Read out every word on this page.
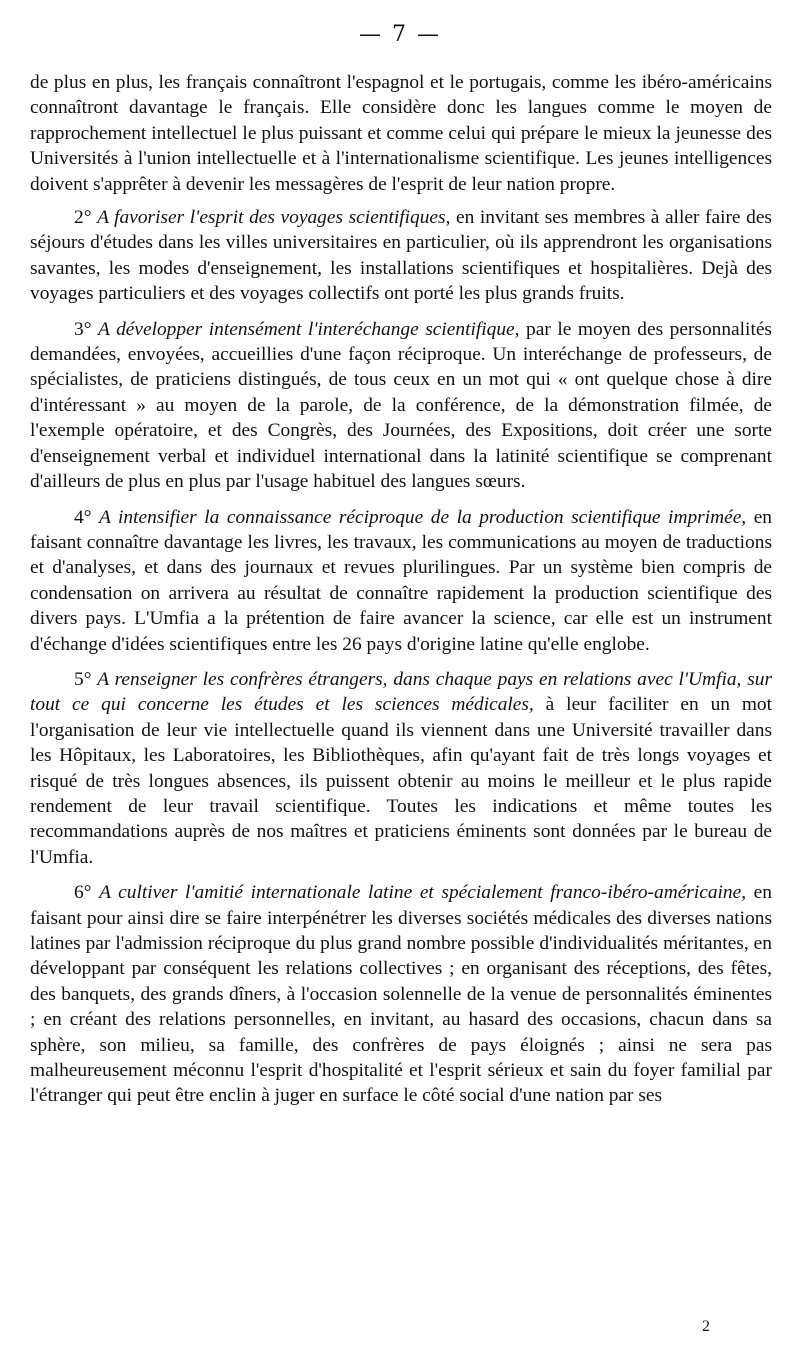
— 7 —

de plus en plus, les français connaîtront l'espagnol et le portugais, comme les ibéro-américains connaîtront davantage le français. Elle considère donc les langues comme le moyen de rapprochement intellectuel le plus puissant et comme celui qui prépare le mieux la jeunesse des Universités à l'union intellectuelle et à l'internationalisme scientifique. Les jeunes intelligences doivent s'apprêter à devenir les messagères de l'esprit de leur nation propre.

2° A favoriser l'esprit des voyages scientifiques, en invitant ses membres à aller faire des séjours d'études dans les villes universitaires en particulier, où ils apprendront les organisations savantes, les modes d'enseignement, les installations scientifiques et hospitalières. Dejà des voyages particuliers et des voyages collectifs ont porté les plus grands fruits.

3° A développer intensément l'interéchange scientifique, par le moyen des personnalités demandées, envoyées, accueillies d'une façon réciproque. Un interéchange de professeurs, de spécialistes, de praticiens distingués, de tous ceux en un mot qui « ont quelque chose à dire d'intéressant » au moyen de la parole, de la conférence, de la démonstration filmée, de l'exemple opératoire, et des Congrès, des Journées, des Expositions, doit créer une sorte d'enseignement verbal et individuel international dans la latinité scientifique se comprenant d'ailleurs de plus en plus par l'usage habituel des langues sœurs.

4° A intensifier la connaissance réciproque de la production scientifique imprimée, en faisant connaître davantage les livres, les travaux, les communications au moyen de traductions et d'analyses, et dans des journaux et revues plurilingues. Par un système bien compris de condensation on arrivera au résultat de connaître rapidement la production scientifique des divers pays. L'Umfia a la prétention de faire avancer la science, car elle est un instrument d'échange d'idées scientifiques entre les 26 pays d'origine latine qu'elle englobe.

5° A renseigner les confrères étrangers, dans chaque pays en relations avec l'Umfia, sur tout ce qui concerne les études et les sciences médicales, à leur faciliter en un mot l'organisation de leur vie intellectuelle quand ils viennent dans une Université travailler dans les Hôpitaux, les Laboratoires, les Bibliothèques, afin qu'ayant fait de très longs voyages et risqué de très longues absences, ils puissent obtenir au moins le meilleur et le plus rapide rendement de leur travail scientifique. Toutes les indications et même toutes les recommandations auprès de nos maîtres et praticiens éminents sont données par le bureau de l'Umfia.

6° A cultiver l'amitié internationale latine et spécialement franco-ibéro-américaine, en faisant pour ainsi dire se faire interpénétrer les diverses sociétés médicales des diverses nations latines par l'admission réciproque du plus grand nombre possible d'individualités méritantes, en développant par conséquent les relations collectives ; en organisant des réceptions, des fêtes, des banquets, des grands dîners, à l'occasion solennelle de la venue de personnalités éminentes ; en créant des relations personnelles, en invitant, au hasard des occasions, chacun dans sa sphère, son milieu, sa famille, des confrères de pays éloignés ; ainsi ne sera pas malheureusement méconnu l'esprit d'hospitalité et l'esprit sérieux et sain du foyer familial par l'étranger qui peut être enclin à juger en surface le côté social d'une nation par ses

2
